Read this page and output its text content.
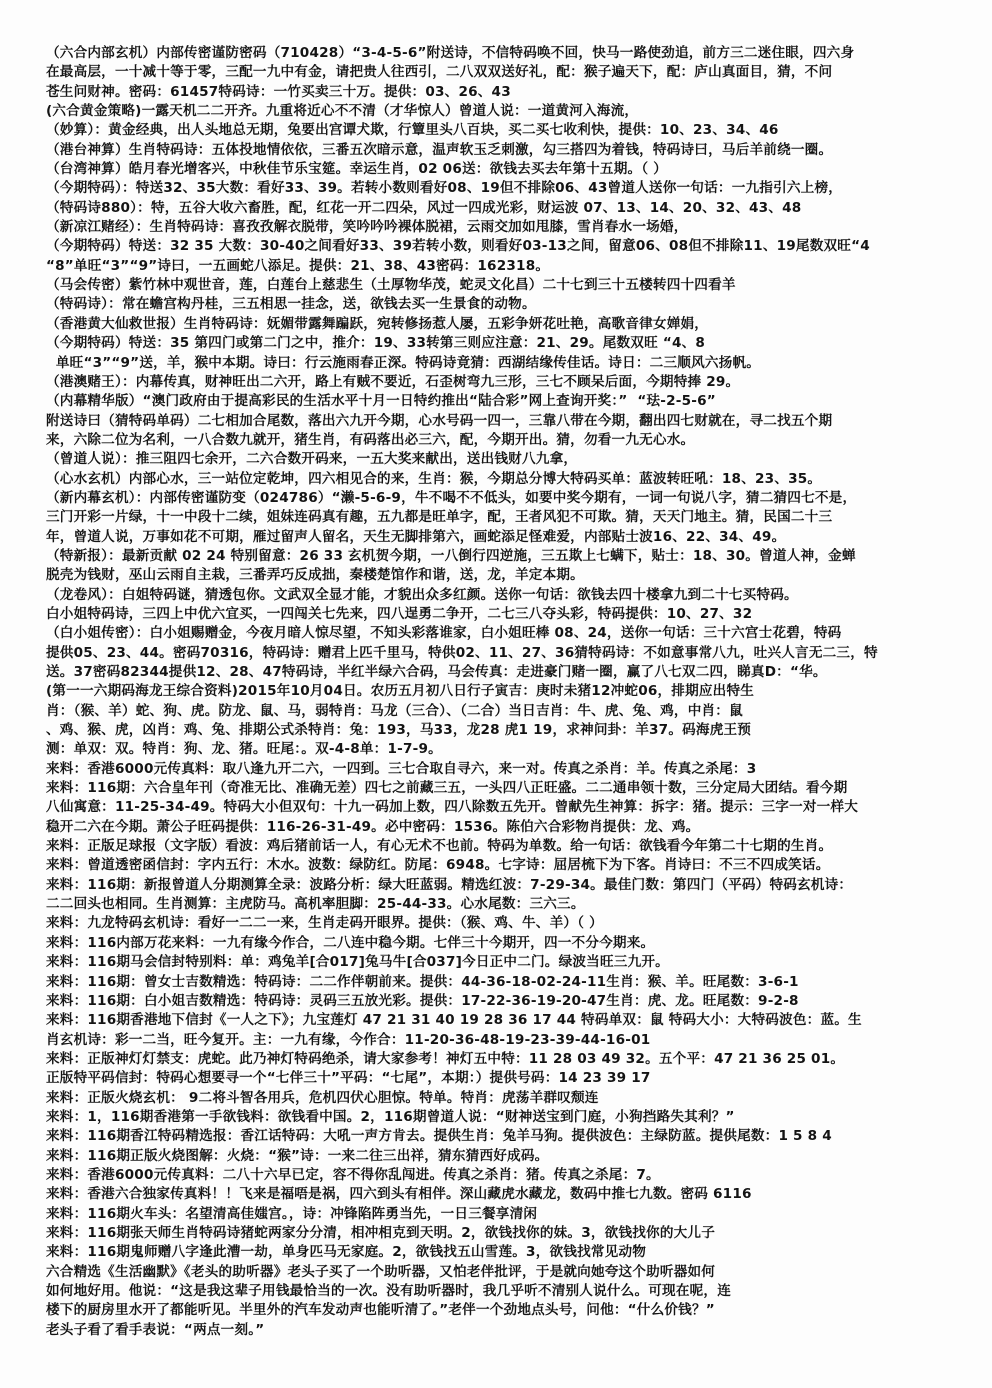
（六合内部玄机）内部传密谨防密码（710428）“3-4-5-6”附送诗，不信特码唤不回，快马一路使劲追，前方三二迷住眼，四六身
在最高层，一十减十等于零，三配一九中有金，请把贵人往西引，二八双双送好礼，配：猴子遍天下，配：庐山真面目，猜，不问
苍生问财神。密码：61457特码诗：一竹买卖三十万。提供：03、26、43
(六合黄金策略)一露天机二二开齐。九重将近心不不清（才华惊人）曾道人说：一道黄河入海流，
（妙算）：黄金经典，出人头地总无期，兔要出宫谭犬欺，行簟里头八百块，买二买七收利快，提供：10、23、34、46
（港台神算）生肖特码诗：五体投地情依依，三番五次暗示意，温声软玉乏刺激，勾三搭四为着钱，特码诗曰，马后羊前绕一圈。
（台湾神算）皓月春光增客兴，中秋佳节乐宝筵。幸运生肖，02 06送：欲钱去买去年第十五期。（ ）
（今期特码）：特送32、35大数：看好33、39。若转小数则看好08、19但不排除06、43曾道人送你一句话：一九指引六上榜，
（特码诗880）：特，五谷大收六畜胜，配，红花一开二四朵，风过一四成光彩，财运波 07、13、14、20、32、43、48
（新凉江赌经）：生肖特码诗：喜孜孜解衣脱带，笑吟吟吟裸体脱裙，云雨交加如甩膝，雪肖春水一场婚，
（今期特码）特送：32 35 大数：30-40之间看好33、39若转小数，则看好03-13之间，留意06、08但不排除11、19尾数双旺“4
“8”单旺“3”“9”诗曰，一五画蛇八添足。提供：21、38、43密码：162318。
（马会传密）紫竹林中观世音，莲，白莲台上慈悲生（土厚物华茂，蛇灵文化昌）二十七到三十五楼转四十四看羊
（特码诗）：常在蟾宫构丹桂，三五相思一挂念，送，欲钱去买一生景食的动物。
（香港黄大仙救世报）生肖特码诗：妩媚带露舞蹁跃，宛转修扬惹人屡，五彩争妍花吐艳，高歌音律女婵娟，
（今期特码）特送：35 第四门或第二门之中，推介：19、33转第三则应注意：21、29。尾数双旺 “4、8
单旺“3”“9”送，羊，猴中本期。诗曰：行云施雨春正深。特码诗竟猜：西湖结缘传佳话。诗日：二三顺风六扬帆。
（港澳赌王）：内幕传真，财神旺出二六开，路上有贼不要近，石歪树弯九三形，三七不顾呆后面，今期特捧 29。
（内幕精华版）“澳门政府由于提高彩民的生活水平十月一日特约推出“陆合彩”网上查询开奖：”  “珐-2-5-6”
附送诗曰（猜特码单码）二七相加合尾数，落出六九开今期，心水号码一四一，三靠八带在今期，翻出四七财就在，寻二找五个期
来，六除二位为名利，一八合数九就开，猪生肖，有码落出必三六，配，今期开出。猜，勿看一九无心水。
（曾道人说）：推三阻四七余开，二六合数开码来，一五大奖来献出，送出钱财八九拿，
（心水玄机）内部心水，三一站位定乾坤，四六相见合的来，生肖：猴，今期总分博大特码买单：蓝波转旺吼：18、23、35。
（新内幕玄机）：内部传密谨防变（024786）“濑-5-6-9，牛不喝不不低头，如要中奖今期有，一词一句说八字，猜二猜四七不是，
三门开彩一片绿，十一中段十二续，姐妹连码真有趣，五九都是旺单字，配，王者风犯不可欺。猜，天天门地主。猜，民国二十三
年，曾道人说，万事如花不可期，雁过留声人留名，天生无脚排第六，画蛇添足怪难爱，内部贴士波16、22、34、49。
（特新报）：最新贡献 02 24 特别留意：26 33 玄机贺今期，一八倒行四逆施，三五欺上七螨下，贴士：18、30。曾道人神，金蝉
脱壳为钱财，巫山云雨自主栽，三番弄巧反成拙，秦楼楚馆作和谐，送，龙，羊定本期。
（龙卷风）：白姐特码谜，猜透包你。文武双全显才能，才貌出众多红颜。送你一句话：欲钱去四十楼拿九到二十七买特码。
白小姐特码诗，三四上中优六宜买，一四闯关七先来，四八逞勇二争开，二七三八夺头彩，特码提供：10、27、32
（白小姐传密）：白小姐赐赠金，今夜月暗人惊尽望，不知头彩落谁家，白小姐旺棒 08、24，送你一句话：三十六宫士花碧，特码
提供05、23、44。密码70316，特码诗：赠君上匹千里马，特供02、11、27、36猜特码诗：不如意事常八九，吐兴人言无二三，特
送。37密码82344提供12、28、47特码诗，半红半绿六合码，马会传真：走进豪门赌一圈，赢了八七双二四，睇真D：“华。
(第一一六期码海龙王综合资料)2015年10月04日。农历五月初八日行子寅吉：庚时未猪12冲蛇06，排期应出特生
肖：（猴、羊）蛇、狗、虎。防龙、鼠、马，弱特肖：马龙（三合）、（二合）当日吉肖：牛、虎、兔、鸡，中肖：鼠
、鸡、猴、虎，凶肖：鸡、兔、排期公式杀特肖：兔：193，马33，龙28 虎1 19，求神问卦：羊37。码海虎王预
测：单双：双。特肖：狗、龙、猪。旺尾：。双-4-8单：1-7-9。
来料：香港6000元传真料：取八逢九开二六，一四到。三七合取自寻六，来一对。传真之杀肖：羊。传真之杀尾：3
来料：116期：六合皇年刊（奇准无比、准确无差）四七之前藏三五，一头四八正旺盛。二二通串领十数，三分定局大团结。看今期
八仙寓意：11-25-34-49。特码大小但双句：十九一码加上数，四八除数五先开。曾献先生神算：拆字：猪。提示：三字一对一样大
稳开二六在今期。萧公子旺码提供：116-26-31-49。必中密码：1536。陈伯六合彩物肖提供：龙、鸡。
来料：正版足球报（文字版）看波：鸡后猪前话一人，有心无术不也前。特码为单数。给一句话：欲钱看今年第二十七期的生肖。
来料：曾道透密函信封：字内五行：木水。波数：绿防红。防尾：6948。七字诗：屈居梳下为下客。肖诗曰：不三不四成笑话。
来料：116期：新报曾道人分期测算全录：波路分析：绿大旺蓝弱。精选红波：7-29-34。最佳门数：第四门（平码）特码玄机诗：
二二回头也相同。生肖测算：主虎防马。高机率胆脚：25-44-33。心水尾数：三六三。
来料：九龙特码玄机诗：看好一二二一来，生肖走码开眼界。提供：（猴、鸡、牛、羊）（ ）
来料：116内部万花来料：一九有缘今作合，二八连中稳今期。七伴三十今期开，四一不分今期来。
来料：116期马会信封特别料：单：鸡兔羊[合017]兔马牛[合037]今日正中二门。绿波当旺三九开。
来料：116期：曾女士吉数精选：特码诗：二二作伴朝前来。提供：44-36-18-02-24-11生肖：猴、羊。旺尾数：3-6-1
来料：116期：白小姐吉数精选：特码诗：灵码三五放光彩。提供：17-22-36-19-20-47生肖：虎、龙。旺尾数：9-2-8
来料：116期香港地下信封《一人之下》；九宝莲灯 47 21 31 40 19 28 36 17 44 特码单双：鼠 特码大小：大特码波色：蓝。生
肖玄机诗：彩一二当，旺今复开。主：一九有缘，今作合：11-20-36-48-19-23-39-44-16-01
来料：正版神灯灯禁支：虎蛇。此乃神灯特码绝杀，请大家参考！神灯五中特：11 28 03 49 32。五个平：47 21 36 25 01。
正版特平码信封：特码心想要寻一个“七伴三十”平码：“七尾”，本期：）提供号码：14 23 39 17
来料：正版火烧玄机： 9二将斗智各用兵，危机四伏心胆惊。特单。特肖：虎荡羊群叹颓连
来料：1，116期香港第一手欲钱料：欲钱看中国。2，116期曾道人说：“财神送宝到门庭，小狗挡路失其利？”
来料：116期香江特码精选报：香江话特码：大吼一声方肯去。提供生肖：兔羊马狗。提供波色：主绿防蓝。提供尾数：1 5 8 4
来料：116期正版火烧图解：火烧：“猴”诗：一来二往三出祥，猜东猜西好成码。
来料：香港6000元传真料：二八十六早已定，容不得你乱闯进。传真之杀肖：猪。传真之杀尾：7。
来料：香港六合独家传真料！！飞来是福唔是祸，四六到头有相伴。深山藏虎水藏龙，数码中推七九数。密码 6116
来料：116期火车头：名望清高佳媸宫。，诗：冲锋陷阵勇当先，一日三餐享清闲
来料：116期张天师生肖特码诗猪蛇两家分分清，相冲相克到天明。2，欲钱找你的妹。3，欲钱找你的大儿子
来料：116期鬼师赠八字逢此漕一劫，单身匹马无家庭。2，欲钱找五山雪莲。3，欲钱找常见动物
六合精选《生活幽默》《老头的助听器》老头子买了一个助听器，又怕老伴批评，于是就向她夸这个助听器如何
如何地好用。他说：“这是我这辈子用钱最恰当的一次。没有助听器时，我几乎听不清别人说什么。可现在呢，连
楼下的厨房里水开了都能听见。半里外的汽车发动声也能听清了。”老伴一个劲地点头号，问他：“什么价钱？”
老头子看了看手表说：“两点一刻。”
